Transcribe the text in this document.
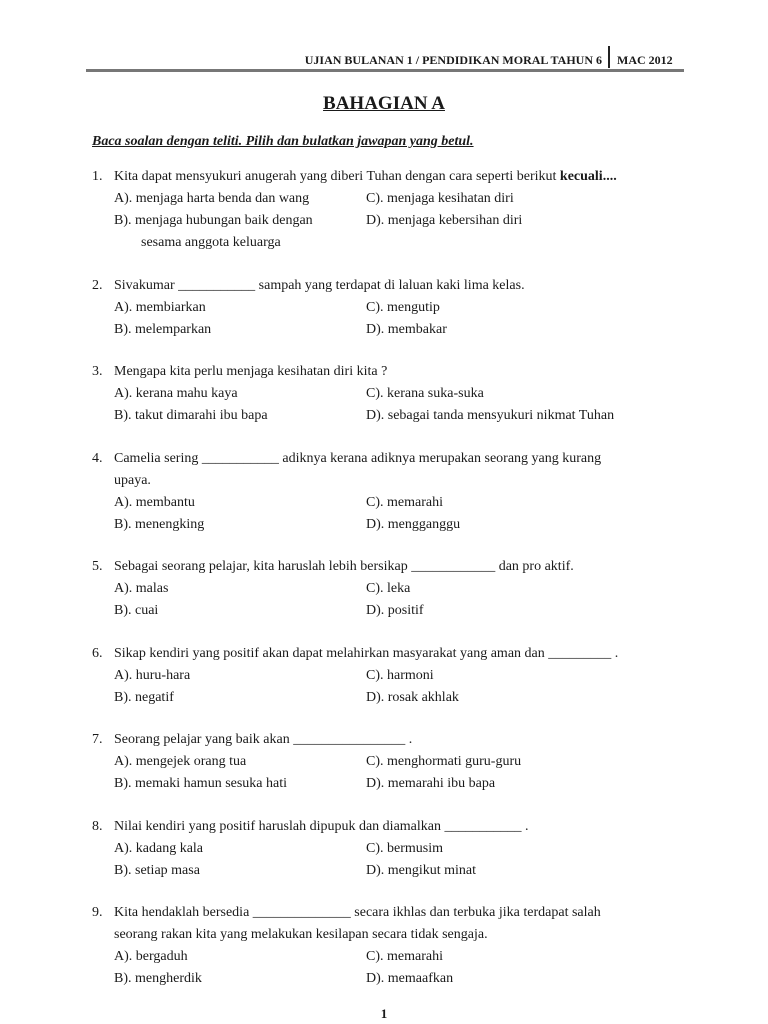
UJIAN BULANAN 1 / PENDIDIKAN MORAL TAHUN 6 MAC 2012
BAHAGIAN A
Baca soalan dengan teliti. Pilih dan bulatkan jawapan yang betul.
1. Kita dapat mensyukuri anugerah yang diberi Tuhan dengan cara seperti berikut kecuali....
A). menjaga harta benda dan wang	C). menjaga kesihatan diri
B). menjaga hubungan baik dengan	D). menjaga kebersihan diri
sesama anggota keluarga
2. Sivakumar ___________ sampah yang terdapat di laluan kaki lima kelas.
A). membiarkan	C). mengutip
B). melemparkan	D). membakar
3. Mengapa kita perlu menjaga kesihatan diri kita ?
A). kerana mahu kaya	C). kerana suka-suka
B). takut dimarahi ibu bapa	D). sebagai tanda mensyukuri nikmat Tuhan
4. Camelia sering ___________ adiknya kerana adiknya merupakan seorang yang kurang
upaya.
A). membantu	C). memarahi
B). menengking	D). mengganggu
5. Sebagai seorang pelajar, kita haruslah lebih bersikap ____________ dan pro aktif.
A). malas	C). leka
B). cuai	D). positif
6. Sikap kendiri yang positif akan dapat melahirkan masyarakat yang aman dan _________ .
A). huru-hara	C). harmoni
B). negatif	D). rosak akhlak
7. Seorang pelajar yang baik akan ________________ .
A). mengejek orang tua	C). menghormati guru-guru
B). memaki hamun sesuka hati	D). memarahi ibu bapa
8. Nilai kendiri yang positif haruslah dipupuk dan diamalkan ___________ .
A). kadang kala	C). bermusim
B). setiap masa	D). mengikut minat
9. Kita hendaklah bersedia ______________ secara ikhlas dan terbuka jika terdapat salah
seorang rakan kita yang melakukan kesilapan secara tidak sengaja.
A). bergaduh	C). memarahi
B). mengherdik	D). memaafkan
1
